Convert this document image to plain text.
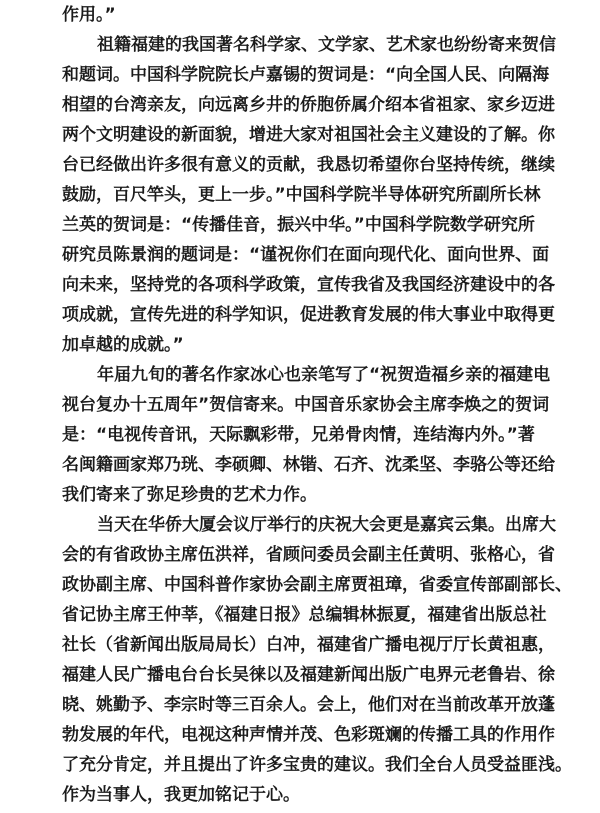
作用。”
祖籍福建的我国著名科学家、文学家、艺术家也纷纷寄来贺信
和题词。中国科学院院长卢嘉锡的贺词是：“向全国人民、向隔海
相望的台湾亲友，向远离乡井的侨胞侨属介绍本省祖家、家乡迈进
两个文明建设的新面貌，增进大家对祖国社会主义建设的了解。你
台已经做出许多很有意义的贡献，我恳切希望你台坚持传统，继续
鼓励，百尺竿头，更上一步。”中国科学院半导体研究所副所长林
兰英的贺词是：“传播佳音，振兴中华。”中国科学院数学研究所
研究员陈景润的题词是：“谨祝你们在面向现代化、面向世界、面
向未来，坚持党的各项科学政策，宣传我省及我国经济建设中的各
项成就，宣传先进的科学知识，促进教育发展的伟大事业中取得更
加卓越的成就。”
年届九旬的著名作家冰心也亲笔写了“祝贺造福乡亲的福建电
视台复办十五周年”贺信寄来。中国音乐家协会主席李焕之的贺词
是：“电视传音讯，天际飘彩带，兄弟骨肉情，连结海内外。”著
名闽籍画家郑乃珖、李硕卿、林锴、石齐、沈柔坚、李骆公等还给
我们寄来了弥足珍贵的艺术力作。
当天在华侨大厦会议厅举行的庆祝大会更是嘉宾云集。出席大
会的有省政协主席伍洪祥，省顾问委员会副主任黄明、张格心，省
政协副主席、中国科普作家协会副主席贾祖璋，省委宣传部副部长、
省记协主席王仲莘，《福建日报》总编辑林振夏，福建省出版总社
社长（省新闻出版局局长）白冲，福建省广播电视厅厅长黄祖惠，
福建人民广播电台台长吴徕以及福建新闻出版广电界元老鲁岩、徐
晓、姚勤予、李宗时等三百余人。会上，他们对在当前改革开放蓬
勃发展的年代，电视这种声情并茂、色彩斑斓的传播工具的作用作
了充分肯定，并且提出了许多宝贵的建议。我们全台人员受益匪浅。
作为当事人，我更加铭记于心。
